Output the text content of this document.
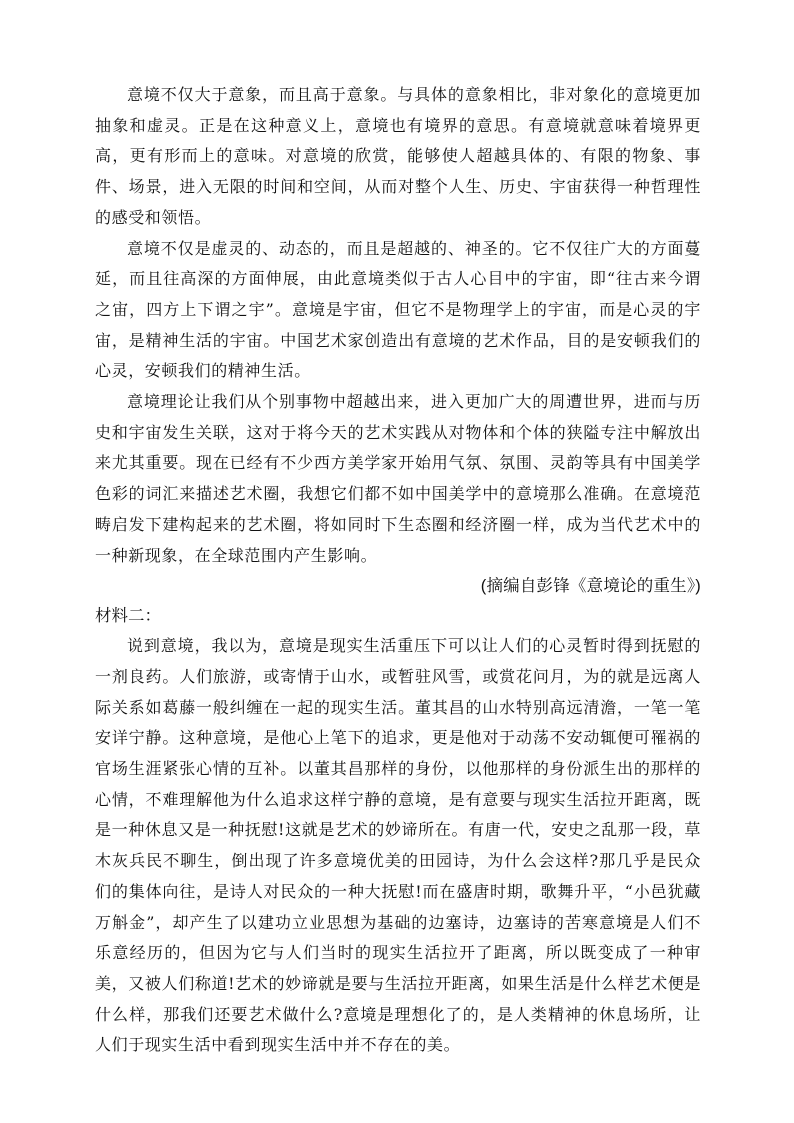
意境不仅大于意象，而且高于意象。与具体的意象相比，非对象化的意境更加抽象和虚灵。正是在这种意义上，意境也有境界的意思。有意境就意味着境界更高，更有形而上的意味。对意境的欣赏，能够使人超越具体的、有限的物象、事件、场景，进入无限的时间和空间，从而对整个人生、历史、宇宙获得一种哲理性的感受和领悟。

意境不仅是虚灵的、动态的，而且是超越的、神圣的。它不仅往广大的方面蔓延，而且往高深的方面伸展，由此意境类似于古人心目中的宇宙，即“往古来今谓之宙，四方上下谓之宇”。意境是宇宙，但它不是物理学上的宇宙，而是心灵的宇宙，是精神生活的宇宙。中国艺术家创造出有意境的艺术作品，目的是安顿我们的心灵，安顿我们的精神生活。

意境理论让我们从个别事物中超越出来，进入更加广大的周遭世界，进而与历史和宇宙发生关联，这对于将今天的艺术实践从对物体和个体的狭隘专注中解放出来尤其重要。现在已经有不少西方美学家开始用气氛、氛围、灵韵等具有中国美学色彩的词汇来描述艺术圈，我想它们都不如中国美学中的意境那么准确。在意境范畴启发下建构起来的艺术圈，将如同时下生态圈和经济圈一样，成为当代艺术中的一种新现象，在全球范围内产生影响。

(摘编自彭锋《意境论的重生》)

材料二：

说到意境，我以为，意境是现实生活重压下可以让人们的心灵暂时得到抚慰的一剂良药。人们旅游，或寄情于山水，或暂驻风雪，或赏花问月，为的就是远离人际关系如葛藤一般纠缠在一起的现实生活。董其昌的山水特别高远清澹，一笔一笔安详宁静。这种意境，是他心上笔下的追求，更是他对于动荡不安动辄便可罹祸的官场生涯紧张心情的互补。以董其昌那样的身份，以他那样的身份派生出的那样的心情，不难理解他为什么追求这样宁静的意境，是有意要与现实生活拉开距离，既是一种休息又是一种抚慰!这就是艺术的妙谛所在。有唐一代，安史之乱那一段，草木灰兵民不聊生，倒出现了许多意境优美的田园诗，为什么会这样?那几乎是民众们的集体向往，是诗人对民众的一种大抚慰!而在盛唐时期，歌舞升平，“小邑犹藏万斛金”，却产生了以建功立业思想为基础的边塞诗，边塞诗的苦寒意境是人们不乐意经历的，但因为它与人们当时的现实生活拉开了距离，所以既变成了一种审美，又被人们称道!艺术的妙谛就是要与生活拉开距离，如果生活是什么样艺术便是什么样，那我们还要艺术做什么?意境是理想化了的，是人类精神的休息场所，让人们于现实生活中看到现实生活中并不存在的美。
